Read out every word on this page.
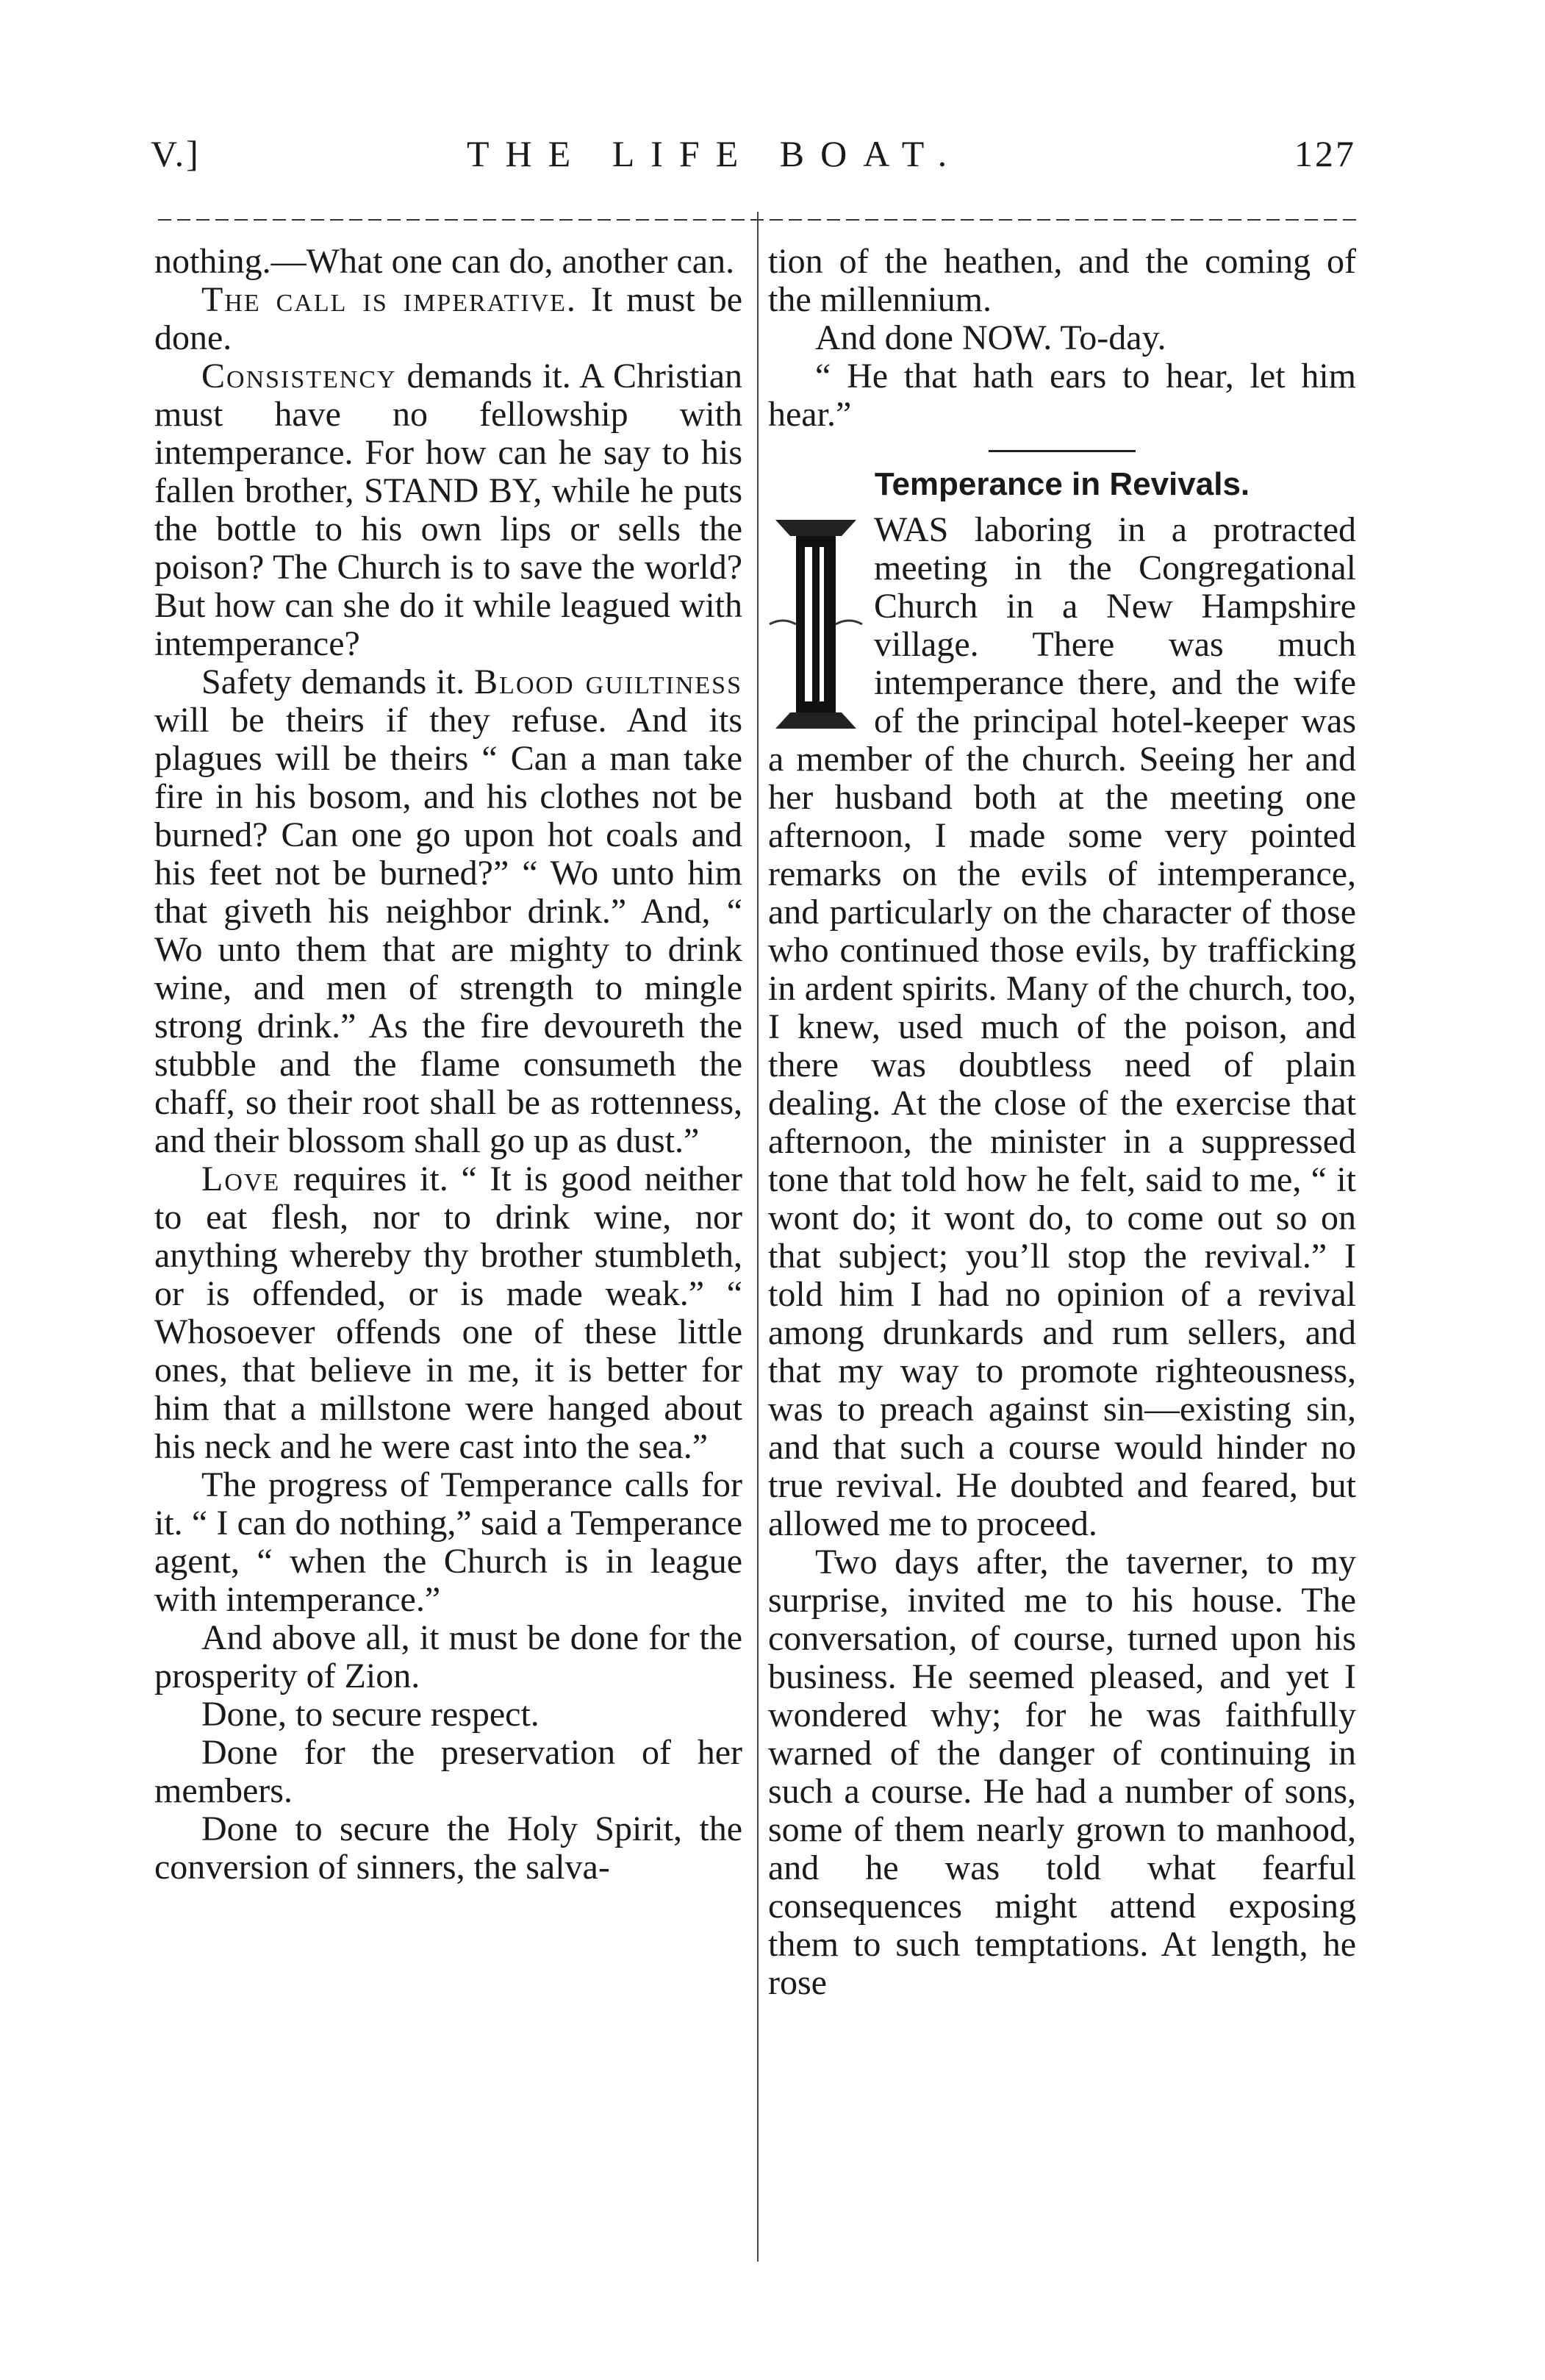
V.]	THE LIFE BOAT.	127

nothing.—What one can do, another can.

The call is imperative. It must be done.

Consistency demands it. A Christian must have no fellowship with intemperance. For how can he say to his fallen brother, STAND BY, while he puts the bottle to his own lips or sells the poison? The Church is to save the world? But how can she do it while leagued with intemperance?

Safety demands it. Blood guiltiness will be theirs if they refuse. And its plagues will be theirs “ Can a man take fire in his bosom, and his clothes not be burned? Can one go upon hot coals and his feet not be burned?” “ Wo unto him that giveth his neighbor drink.” And, “ Wo unto them that are mighty to drink wine, and men of strength to mingle strong drink.” As the fire devoureth the stubble and the flame consumeth the chaff, so their root shall be as rottenness, and their blossom shall go up as dust.”

Love requires it. “ It is good neither to eat flesh, nor to drink wine, nor anything whereby thy brother stumbleth, or is offended, or is made weak.” “ Whosoever offends one of these little ones, that believe in me, it is better for him that a millstone were hanged about his neck and he were cast into the sea.”

The progress of Temperance calls for it. “ I can do nothing,” said a Temperance agent, “ when the Church is in league with intemperance.”

And above all, it must be done for the prosperity of Zion.

Done, to secure respect.

Done for the preservation of her members.

Done to secure the Holy Spirit, the conversion of sinners, the salva-

tion of the heathen, and the coming of the millennium.

And done NOW. To-day.

“ He that hath ears to hear, let him hear.”

Temperance in Revivals.

WAS laboring in a protracted meeting in the Congregational Church in a New Hampshire village. There was much intemperance there, and the wife of the principal hotel-keeper was a member of the church. Seeing her and her husband both at the meeting one afternoon, I made some very pointed remarks on the evils of intemperance, and particularly on the character of those who continued those evils, by trafficking in ardent spirits. Many of the church, too, I knew, used much of the poison, and there was doubtless need of plain dealing. At the close of the exercise that afternoon, the minister in a suppressed tone that told how he felt, said to me, “ it wont do; it wont do, to come out so on that subject; you’ll stop the revival.” I told him I had no opinion of a revival among drunkards and rum sellers, and that my way to promote righteousness, was to preach against sin—existing sin, and that such a course would hinder no true revival. He doubted and feared, but allowed me to proceed.

Two days after, the taverner, to my surprise, invited me to his house. The conversation, of course, turned upon his business. He seemed pleased, and yet I wondered why; for he was faithfully warned of the danger of continuing in such a course. He had a number of sons, some of them nearly grown to manhood, and he was told what fearful consequences might attend exposing them to such temptations. At length, he rose
